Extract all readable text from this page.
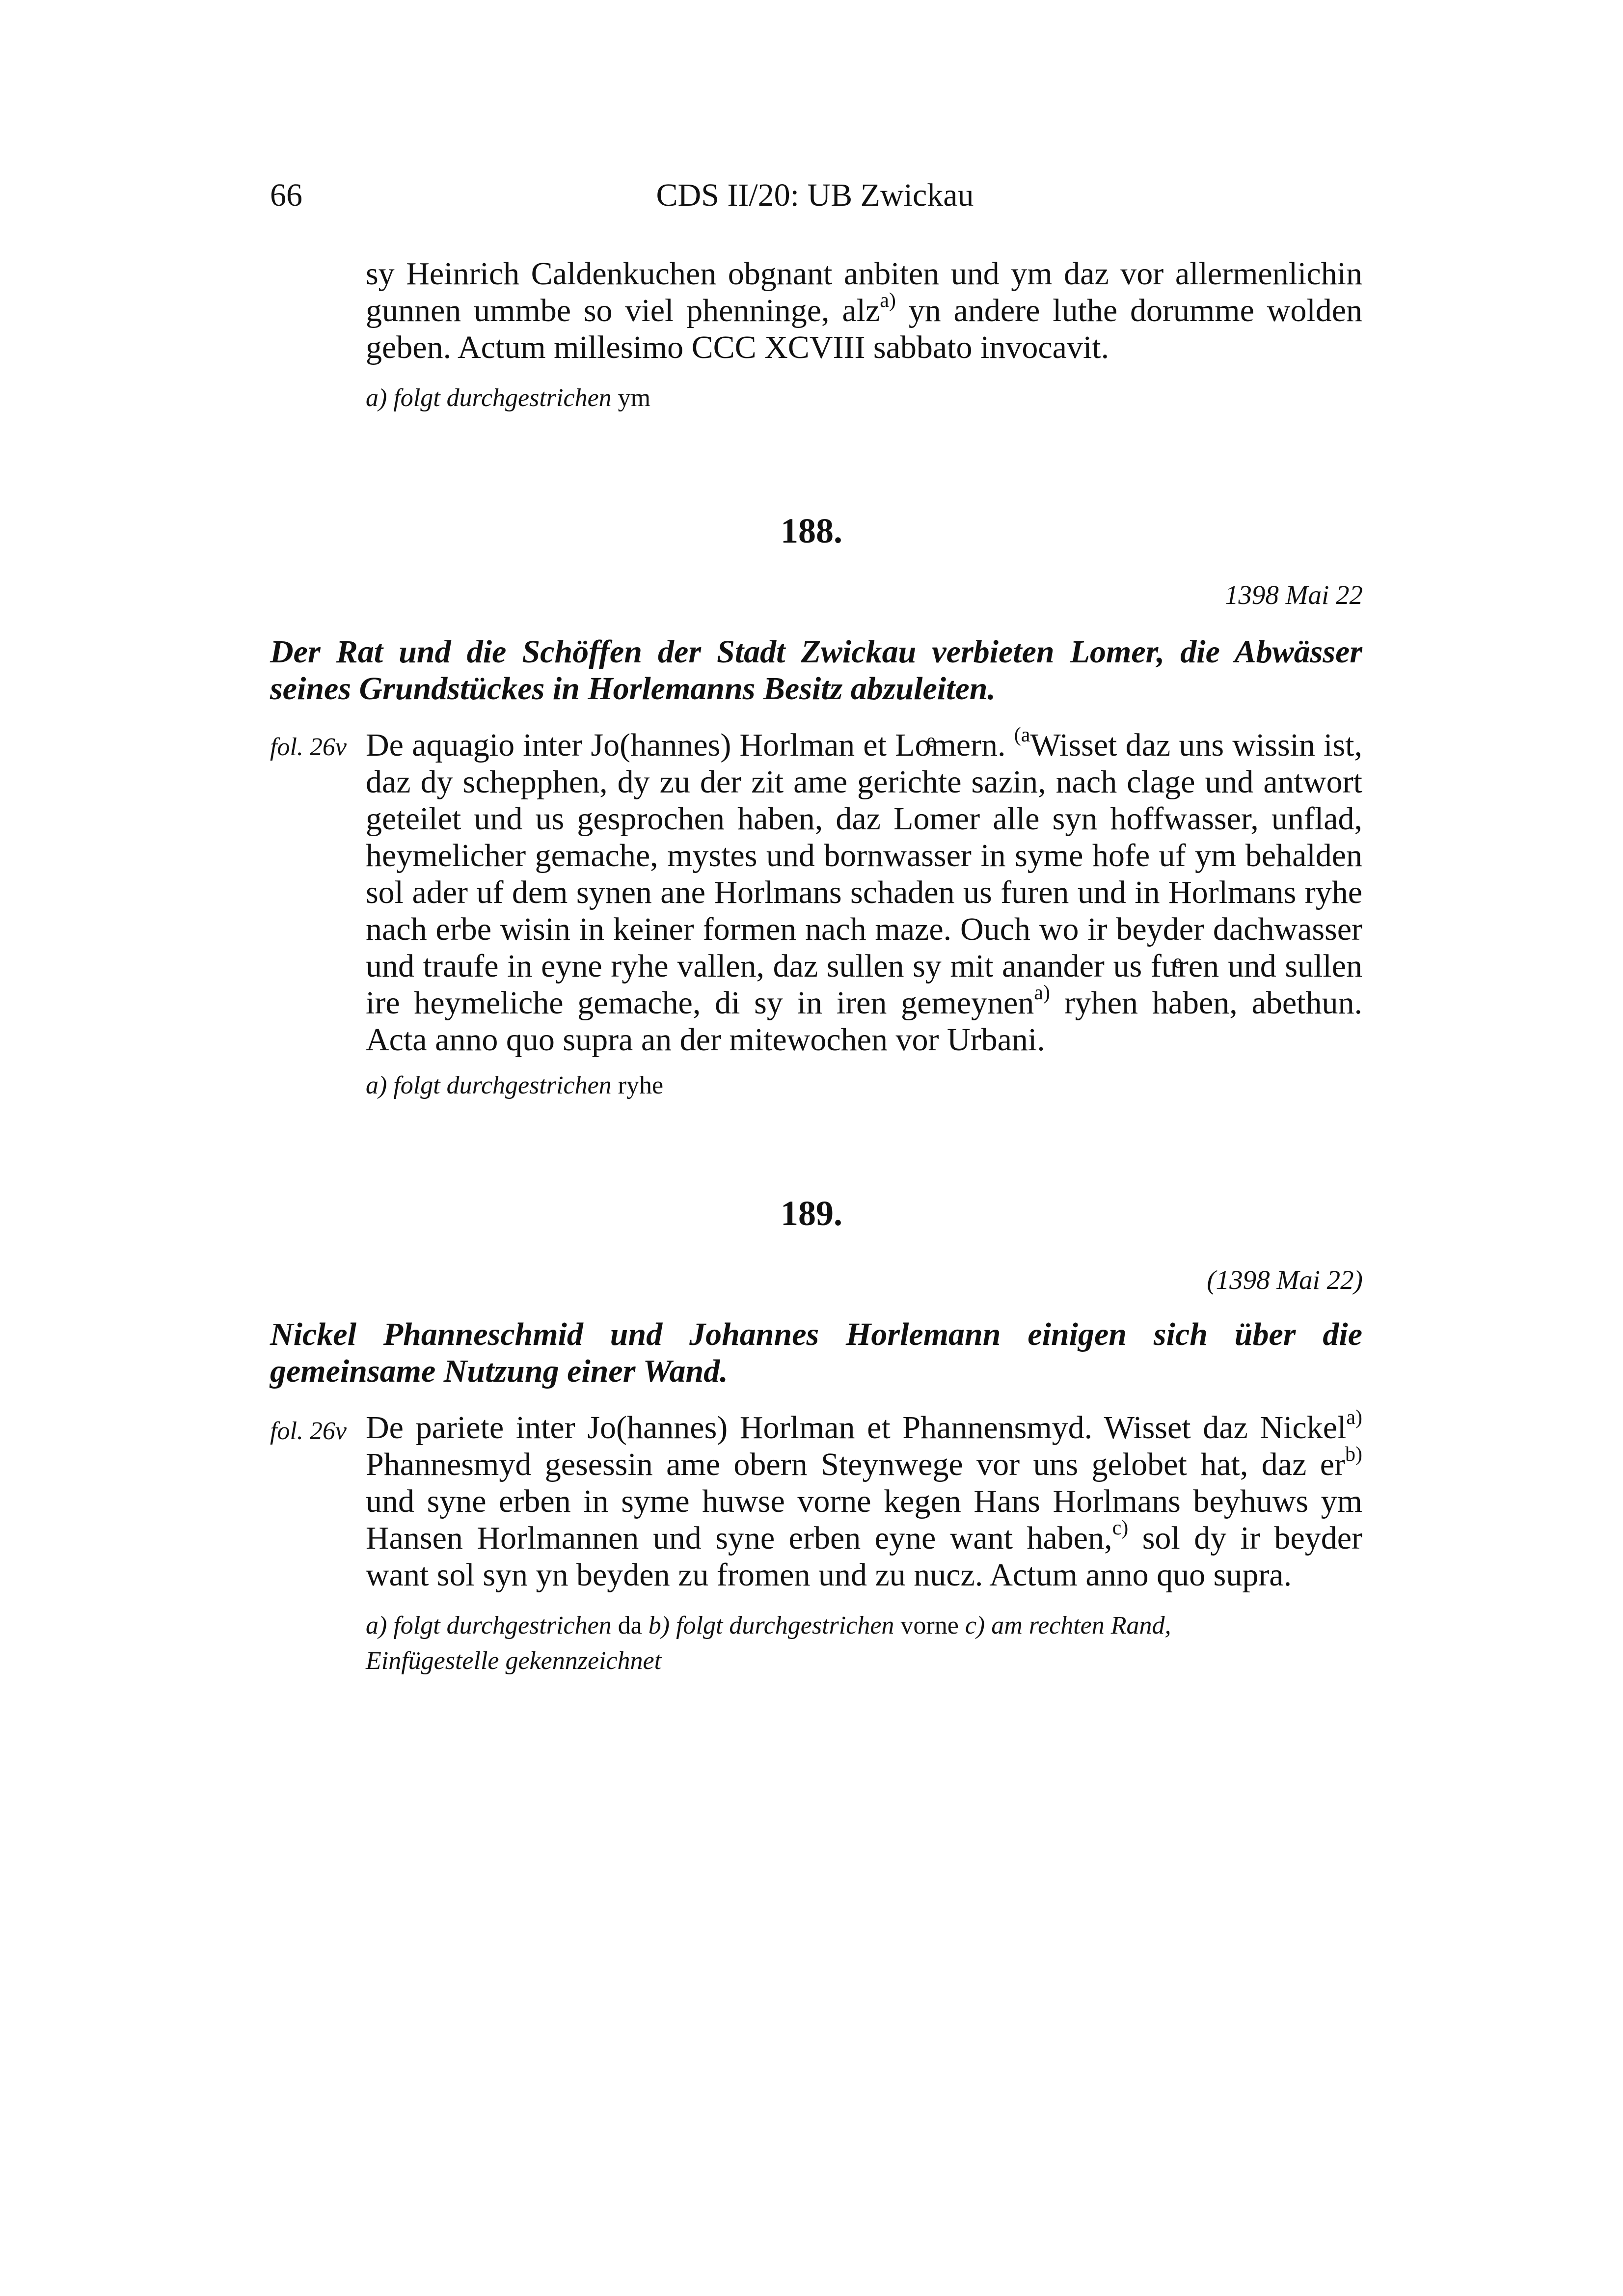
66	CDS II/20: UB Zwickau

sy Heinrich Caldenkuchen obgnant anbiten und ym daz vor allermenlichin gunnen ummbe so viel phenninge, alz$^{a)}$ yn andere luthe dorumme wolden geben. Actum millesimo CCC XCVIII sabbato invocavit.

a) folgt durchgestrichen ym

188.
1398 Mai 22

Der Rat und die Schöffen der Stadt Zwickau verbieten Lomer, die Abwässer seines Grundstückes in Horlemanns Besitz abzuleiten.

fol. 26v De aquagio inter Jo(hannes) Horlman et Loͤmern. $^{(a}$Wisset daz uns wissin ist, daz dy schepphen, dy zu der zit ame gerichte sazin, nach clage und antwort geteilet und us gesprochen haben, daz Lomer alle syn hoffwasser, unflad, heymelicher gemache, mystes und bornwasser in syme hofe uf ym behalden sol ader uf dem synen ane Horlmans schaden us furen und in Horlmans ryhe nach erbe wisin in keiner formen nach maze. Ouch wo ir beyder dachwasser und traufe in eyne ryhe vallen, daz sullen sy mit anander us fuͤren und sullen ire heymeliche gemache, di sy in iren gemeynen$^{a)}$ ryhen haben, abethun. Acta anno quo supra an der mitewochen vor Urbani.

a) folgt durchgestrichen ryhe

189.
(1398 Mai 22)

Nickel Phanneschmid und Johannes Horlemann einigen sich über die gemeinsame Nutzung einer Wand.

fol. 26v De pariete inter Jo(hannes) Horlman et Phannensmyd. Wisset daz Nickel$^{a)}$ Phannesmyd gesessin ame obern Steynwege vor uns gelobet hat, daz $er^{b)}$ und syne erben in syme huwse vorne kegen Hans Horlmans beyhuws ym Hansen Horlmannen und syne erben eyne want haben,$^{c)}$ sol dy ir beyder want sol syn yn beyden zu fromen und zu nucz. Actum anno quo supra.

a) folgt durchgestrichen da b) folgt durchgestrichen vorne c) am rechten Rand, Einfügestelle gekennzeichnet
